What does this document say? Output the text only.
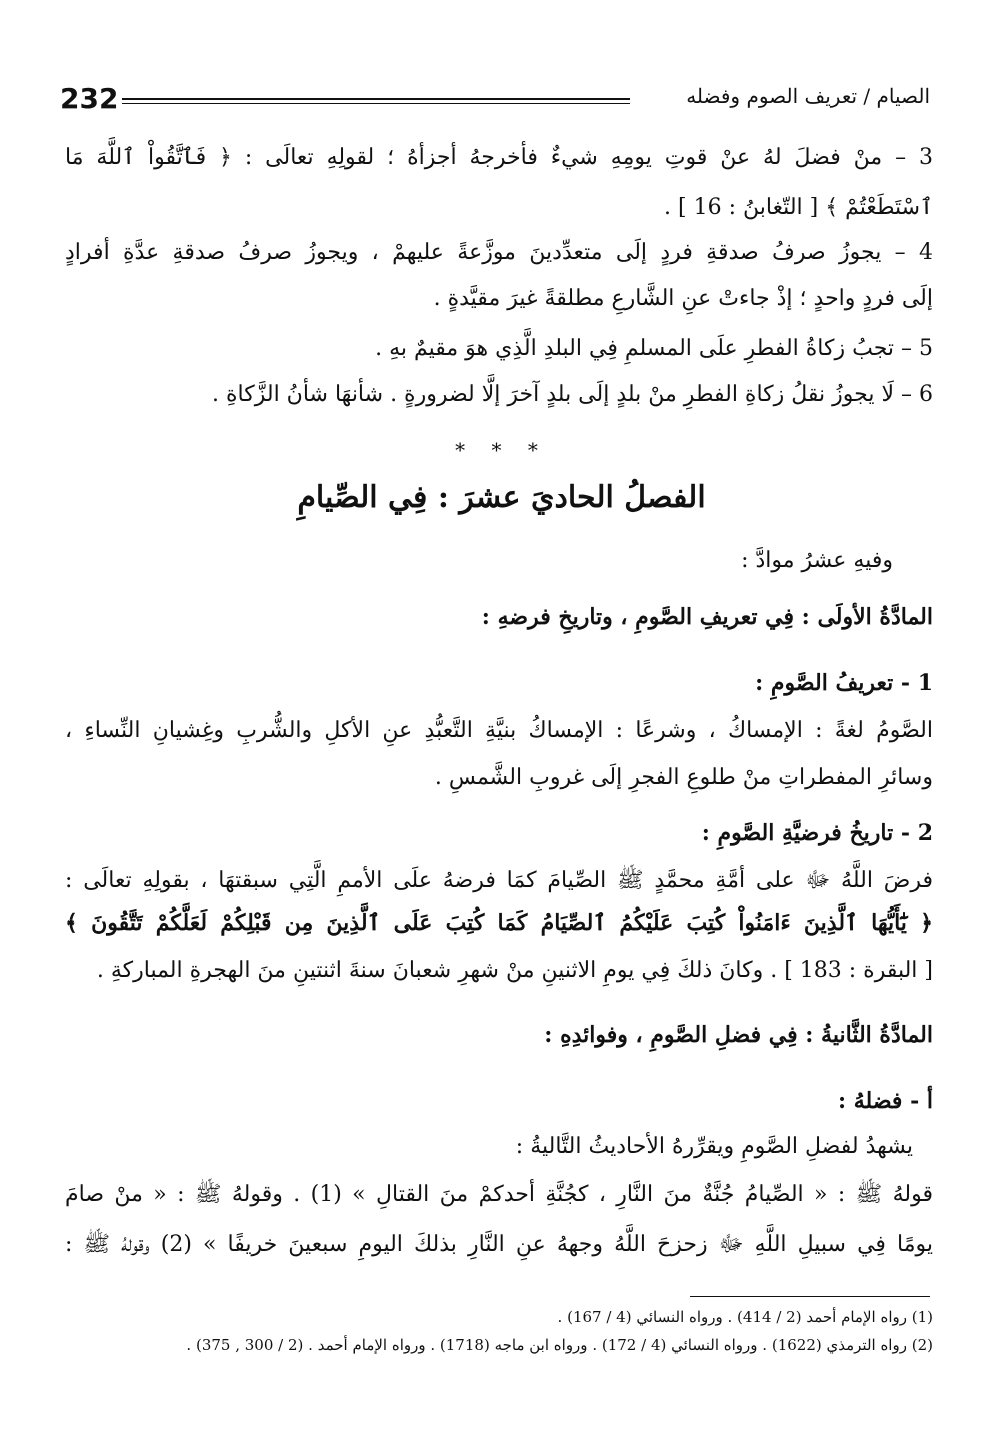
232	الصيام / تعريف الصوم وفضله
3 – منْ فضلَ لهُ عنْ قوتِ يومِهِ شيءٌ فأخرجهُ أجزأهُ ؛ لقولِهِ تعالَى : ﴿ فَٱتَّقُواْ ٱللَّهَ مَا
ٱسْتَطَعْتُمْ ﴾ [ التّغابنُ : 16 ] .
4 – يجوزُ صرفُ صدقةِ فردٍ إلَى متعدِّدينَ موزَّعةً عليهمْ ، ويجوزُ صرفُ صدقةِ عدَّةِ أفرادٍ
إلَى فردٍ واحدٍ ؛ إذْ جاءتْ عنِ الشَّارعِ مطلقةً غيرَ مقيَّدةٍ .
5 – تجبُ زكاةُ الفطرِ علَى المسلمِ فِي البلدِ الَّذِي هوَ مقيمٌ بهِ .
6 – لَا يجوزُ نقلُ زكاةِ الفطرِ منْ بلدٍ إلَى بلدٍ آخرَ إلَّا لضرورةٍ . شأنهَا شأنُ الزَّكاةِ .
وفيهِ عشرُ موادَّ :
المادَّةُ الأولَى : فِي تعريفِ الصَّومِ ، وتاريخِ فرضهِ :
1 - تعريفُ الصَّومِ :
الصَّومُ لغةً : الإمساكُ ، وشرعًا : الإمساكُ بنيَّةِ التَّعبُّدِ عنِ الأكلِ والشُّربِ وغِشيانِ النِّساءِ ،
وسائرِ المفطراتِ منْ طلوعِ الفجرِ إلَى غروبِ الشَّمسِ .
2 - تاريخُ فرضيَّةِ الصَّومِ :
فرضَ اللَّهُ ﷻ على أمَّةِ محمَّدٍ ﷺ الصِّيامَ كمَا فرضهُ علَى الأممِ الَّتِي سبقتهَا ، بقولِهِ تعالَى :
﴿ يَٰٓأَيُّهَا ٱلَّذِينَ ءَامَنُواْ كُتِبَ عَلَيْكُمُ ٱلصِّيَامُ كَمَا كُتِبَ عَلَى ٱلَّذِينَ مِن قَبْلِكُمْ لَعَلَّكُمْ تَتَّقُونَ ﴾
[ البقرة : 183 ] . وكانَ ذلكَ فِي يومِ الاثنينِ منْ شهرِ شعبانَ سنةَ اثنتينِ منَ الهجرةِ المباركةِ .
المادَّةُ الثَّانيةُ : فِي فضلِ الصَّومِ ، وفوائدِهِ :
أ - فضلهُ :
يشهدُ لفضلِ الصَّومِ ويقرِّرهُ الأحاديثُ التَّاليةُ :
قولهُ ﷺ : « الصِّيامُ جُنَّةٌ منَ النَّارِ ، كجُنَّةِ أحدكمْ منَ القتالِ » (1) . وقولهُ ﷺ : « منْ صامَ
يومًا فِي سبيلِ اللَّهِ ﷻ زحزحَ اللَّهُ وجههُ عنِ النَّارِ بذلكَ اليومِ سبعينَ خريفًا » (2) وقولهُ ﷺ :
* * *
الفصلُ الحاديَ عشرَ : فِي الصِّيامِ
(1) رواه الإمام أحمد (2 / 414) . ورواه النسائي (4 / 167) .
(2) رواه الترمذي (1622) . ورواه النسائي (4 / 172) . ورواه ابن ماجه (1718) . ورواه الإمام أحمد . (2 / 300 , 375) .
